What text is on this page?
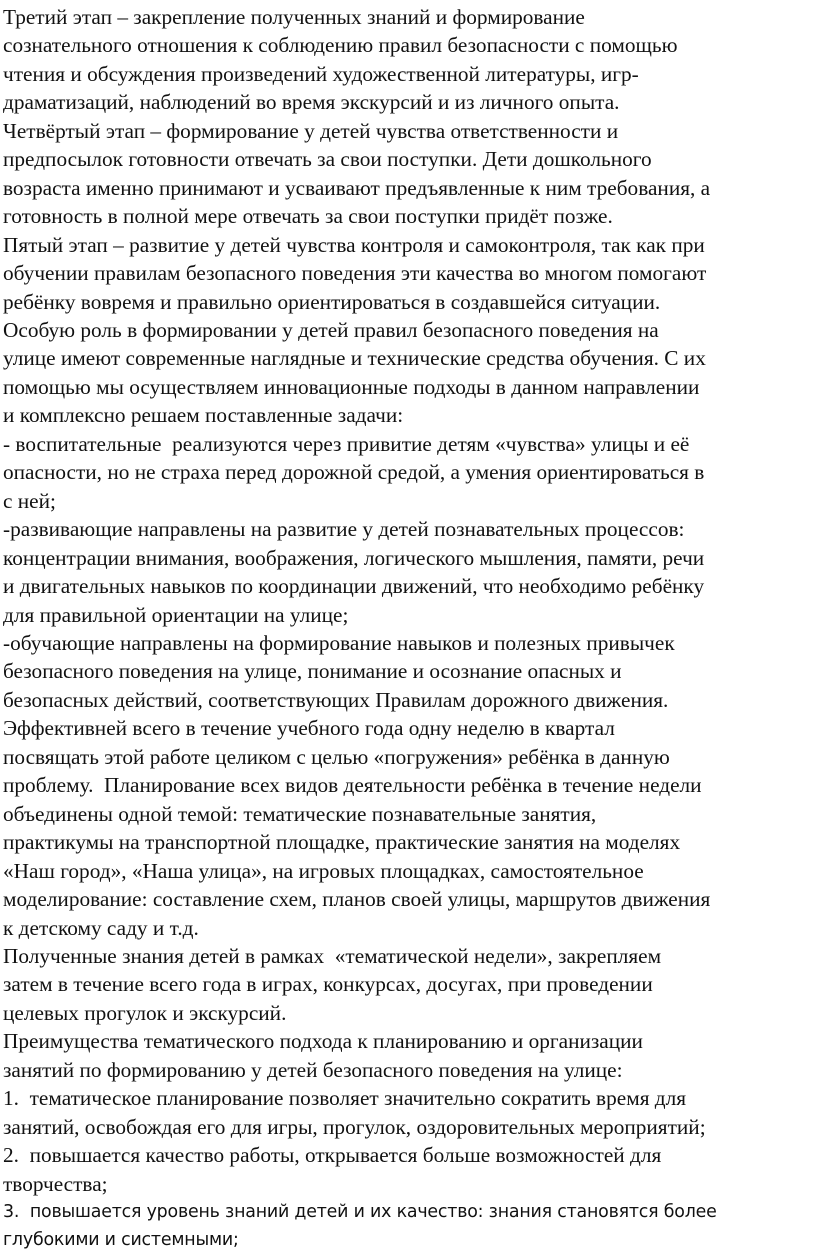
Третий этап – закрепление полученных знаний и формирование
сознательного отношения к соблюдению правил безопасности с помощью
чтения и обсуждения произведений художественной литературы, игр-
драматизаций, наблюдений во время экскурсий и из личного опыта.

Четвёртый этап – формирование у детей чувства ответственности и
предпосылок готовности отвечать за свои поступки. Дети дошкольного
возраста именно принимают и усваивают предъявленные к ним требования, а
готовность в полной мере отвечать за свои поступки придёт позже.

Пятый этап – развитие у детей чувства контроля и самоконтроля, так как при
обучении правилам безопасного поведения эти качества во многом помогают
ребёнку вовремя и правильно ориентироваться в создавшейся ситуации.

Особую роль в формировании у детей правил безопасного поведения на
улице имеют современные наглядные и технические средства обучения. С их
помощью мы осуществляем инновационные подходы в данном направлении
и комплексно решаем поставленные задачи:

- воспитательные  реализуются через привитие детям «чувства» улицы и её
опасности, но не страха перед дорожной средой, а умения ориентироваться в
с ней;

-развивающие направлены на развитие у детей познавательных процессов:
концентрации внимания, воображения, логического мышления, памяти, речи
и двигательных навыков по координации движений, что необходимо ребёнку
для правильной ориентации на улице;

-обучающие направлены на формирование навыков и полезных привычек
безопасного поведения на улице, понимание и осознание опасных и
безопасных действий, соответствующих Правилам дорожного движения.

Эффективней всего в течение учебного года одну неделю в квартал
посвящать этой работе целиком с целью «погружения» ребёнка в данную
проблему.  Планирование всех видов деятельности ребёнка в течение недели
объединены одной темой: тематические познавательные занятия,
практикумы на транспортной площадке, практические занятия на моделях
«Наш город», «Наша улица», на игровых площадках, самостоятельное
моделирование: составление схем, планов своей улицы, маршрутов движения
к детскому саду и т.д.

Полученные знания детей в рамках  «тематической недели», закрепляем
затем в течение всего года в играх, конкурсах, досугах, при проведении
целевых прогулок и экскурсий.

Преимущества тематического подхода к планированию и организации
занятий по формированию у детей безопасного поведения на улице:

1.  тематическое планирование позволяет значительно сократить время для
занятий, освобождая его для игры, прогулок, оздоровительных мероприятий;

2.  повышается качество работы, открывается больше возможностей для
творчества;

3.  повышается уровень знаний детей и их качество: знания становятся более
глубокими и системными;
